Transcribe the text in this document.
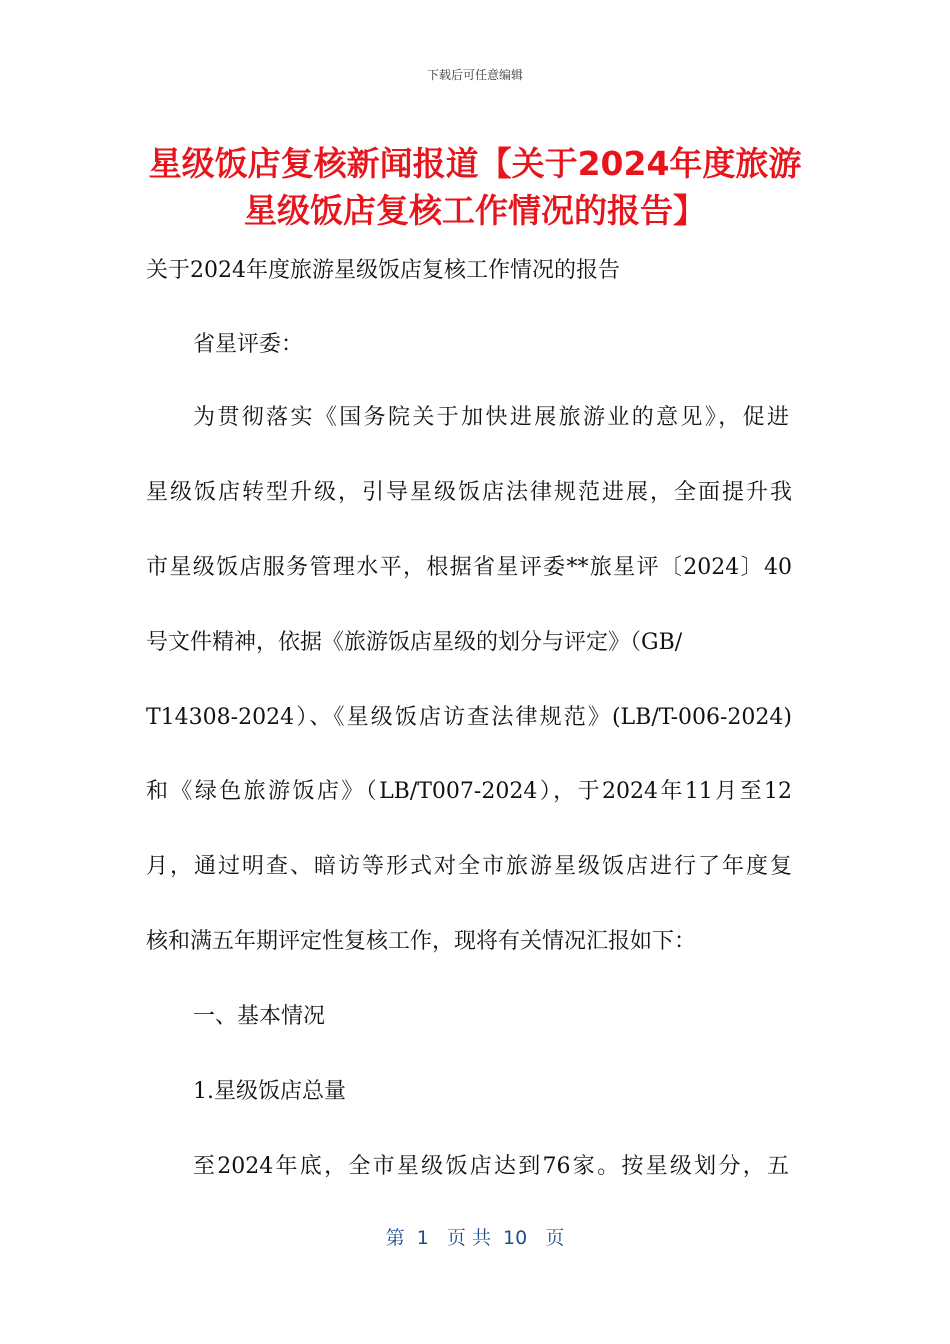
下载后可任意编辑
星级饭店复核新闻报道【关于2024年度旅游星级饭店复核工作情况的报告】

关于2024年度旅游星级饭店复核工作情况的报告

省星评委：

为贯彻落实《国务院关于加快进展旅游业的意见》，促进

星级饭店转型升级，引导星级饭店法律规范进展，全面提升我

市星级饭店服务管理水平，根据省星评委**旅星评〔2024〕40

号文件精神，依据《旅游饭店星级的划分与评定》（GB/

T14308-2024）、《星级饭店访查法律规范》(LB/T-006-2024)

和《绿色旅游饭店》（LB/T007-2024），于2024年11月至12

月，通过明查、暗访等形式对全市旅游星级饭店进行了年度复

核和满五年期评定性复核工作，现将有关情况汇报如下：

一、基本情况

1.星级饭店总量

至2024年底，全市星级饭店达到76家。按星级划分，五

第  1   页 共  10   页
